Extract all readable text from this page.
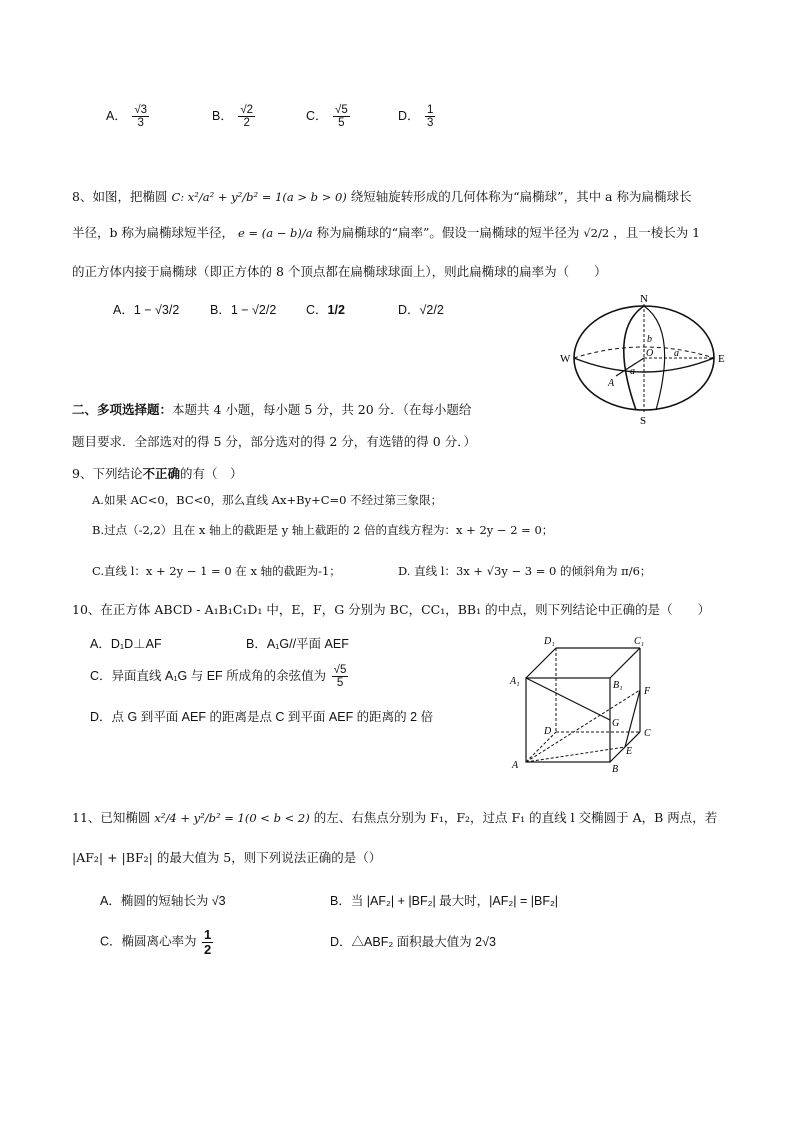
A． $\frac{√3}{3}$	B． $\frac{√2}{2}$	C． $\frac{√5}{5}$	D． $\frac{1}{3}$
8、如图，把椭圆 C: x²/a² + y²/b² = 1(a > b > 0) 绕短轴旋转形成的几何体称为“扁椭球”，其中 a 称为扁椭球长
半径，b 称为扁椭球短半径， e = (a − b)/a 称为扁椭球的“扁率”。假设一扁椭球的短半径为 √2/2 ，且一棱长为 1
的正方体内接于扁椭球（即正方体的 8 个顶点都在扁椭球球面上），则此扁椭球的扁率为（　　）
A．1 − √3/2 B．1 − √2/2 C．1/2	D．√2/2
N
S
W	E
O
A
a
a
b
二、多项选择题：本题共 4 小题，每小题 5 分，共 20 分．（在每小题给
题目要求．全部选对的得 5 分，部分选对的得 2 分，有选错的得 0 分．）
9、下列结论不正确的有（　）
A.如果 AC<0，BC<0，那么直线 Ax+By+C=0 不经过第三象限；
B.过点（-2,2）且在 x 轴上的截距是 y 轴上截距的 2 倍的直线方程为：x + 2y − 2 = 0；
C.直线 l：x + 2y − 1 = 0 在 x 轴的截距为-1；	D. 直线 l：3x + √3y − 3 = 0 的倾斜角为 π/6；
10、在正方体 ABCD - A₁B₁C₁D₁ 中，E，F，G 分别为 BC，CC₁，BB₁ 的中点，则下列结论中正确的是（　　）
A．D₁D⊥AF	B．A₁G//平面 AEF
C．异面直线 A₁G 与 EF 所成角的余弦值为 $\frac{√5}{5}$
D．点 G 到平面 AEF 的距离是点 C 到平面 AEF 的距离的 2 倍
D₁	C₁
A₁	B₁
F
G
D	C
E
A	B
11、已知椭圆 x²/4 + y²/b² = 1(0 < b < 2) 的左、右焦点分别为 F₁，F₂，过点 F₁ 的直线 l 交椭圆于 A，B 两点，若
|AF₂| + |BF₂| 的最大值为 5，则下列说法正确的是（）
A．椭圆的短轴长为 √3	B．当 |AF₂| + |BF₂| 最大时，|AF₂| = |BF₂|
C．椭圆离心率为 $\frac{1}{2}$	D．△ABF₂ 面积最大值为 2√3
